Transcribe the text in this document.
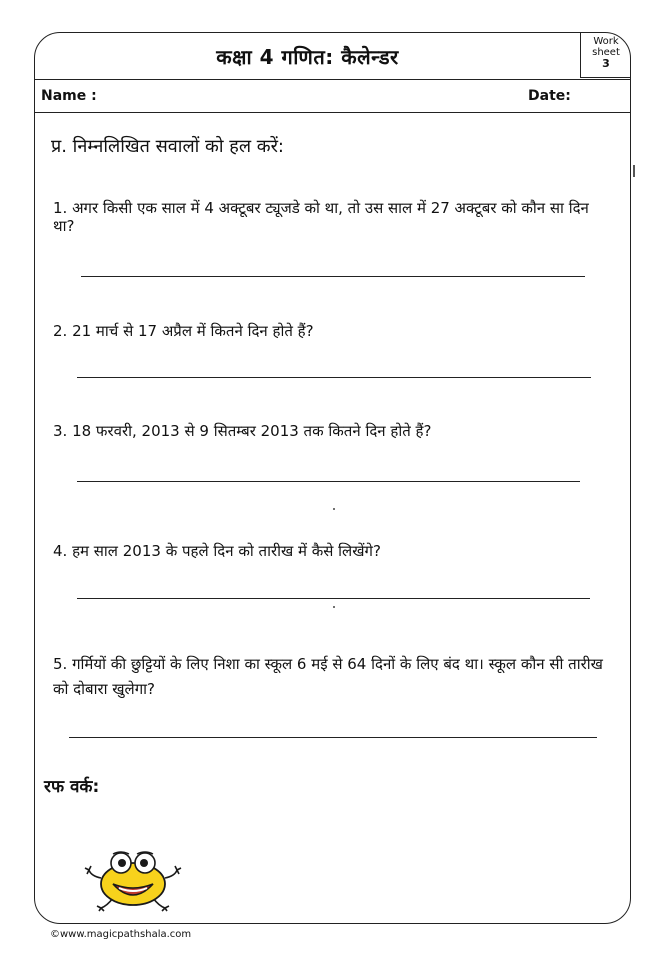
कक्षा 4 गणित: कैलेन्डर
Work
sheet
3
Name :	Date:
प्र. निम्नलिखित सवालों को हल करें:
1. अगर किसी एक साल में 4 अक्टूबर ट्यूजडे को था, तो उस साल में 27 अक्टूबर को कौन सा दिन था?
2. 21 मार्च से 17 अप्रैल में कितने दिन होते हैं?
3. 18 फरवरी, 2013 से 9 सितम्बर 2013 तक कितने दिन होते हैं?
4. हम साल 2013 के पहले दिन को तारीख में कैसे लिखेंगे?
5. गर्मियों की छुट्टियों के लिए निशा का स्कूल 6 मई से 64 दिनों के लिए बंद था। स्कूल कौन सी तारीख को दोबारा खुलेगा?
रफ वर्क:
©www.magicpathshala.com
